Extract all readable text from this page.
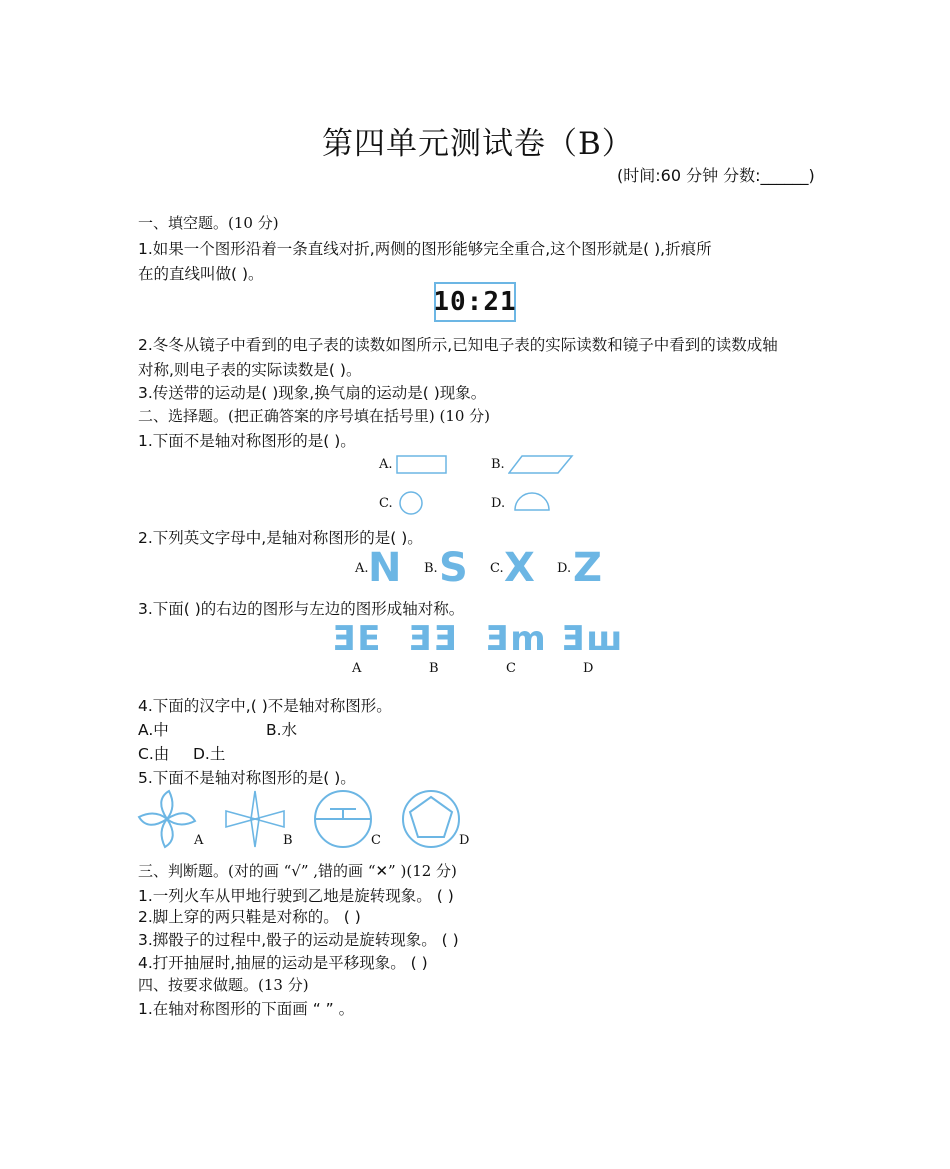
第四单元测试卷（B）
(时间:60 分钟 分数:______)
一、填空题。(10 分)
1.如果一个图形沿着一条直线对折,两侧的图形能够完全重合,这个图形就是( ),折痕所
在的直线叫做( )。
10:21
2.冬冬从镜子中看到的电子表的读数如图所示,已知电子表的实际读数和镜子中看到的读数成轴
对称,则电子表的实际读数是( )。
3.传送带的运动是( )现象,换气扇的运动是( )现象。
二、选择题。(把正确答案的序号填在括号里) (10 分)
1.下面不是轴对称图形的是( )。
A.	B.
C.	D.
2.下列英文字母中,是轴对称图形的是( )。
A. N B. S C. X D. Z
3.下面( )的右边的图形与左边的图形成轴对称。
ƎE ƎƎ Ǝm Ǝш
A	B	C	D
4.下面的汉字中,( )不是轴对称图形。
A.中	B.水
C.由 D.土
5.下面不是轴对称图形的是( )。
A	B	C	D
三、判断题。(对的画 “√” ,错的画 “✕” )(12 分)
1.一列火车从甲地行驶到乙地是旋转现象。 ( )
2.脚上穿的两只鞋是对称的。 ( )
3.掷骰子的过程中,骰子的运动是旋转现象。 ( )
4.打开抽屉时,抽屉的运动是平移现象。 ( )
四、按要求做题。(13 分)
1.在轴对称图形的下面画 “ ” 。
